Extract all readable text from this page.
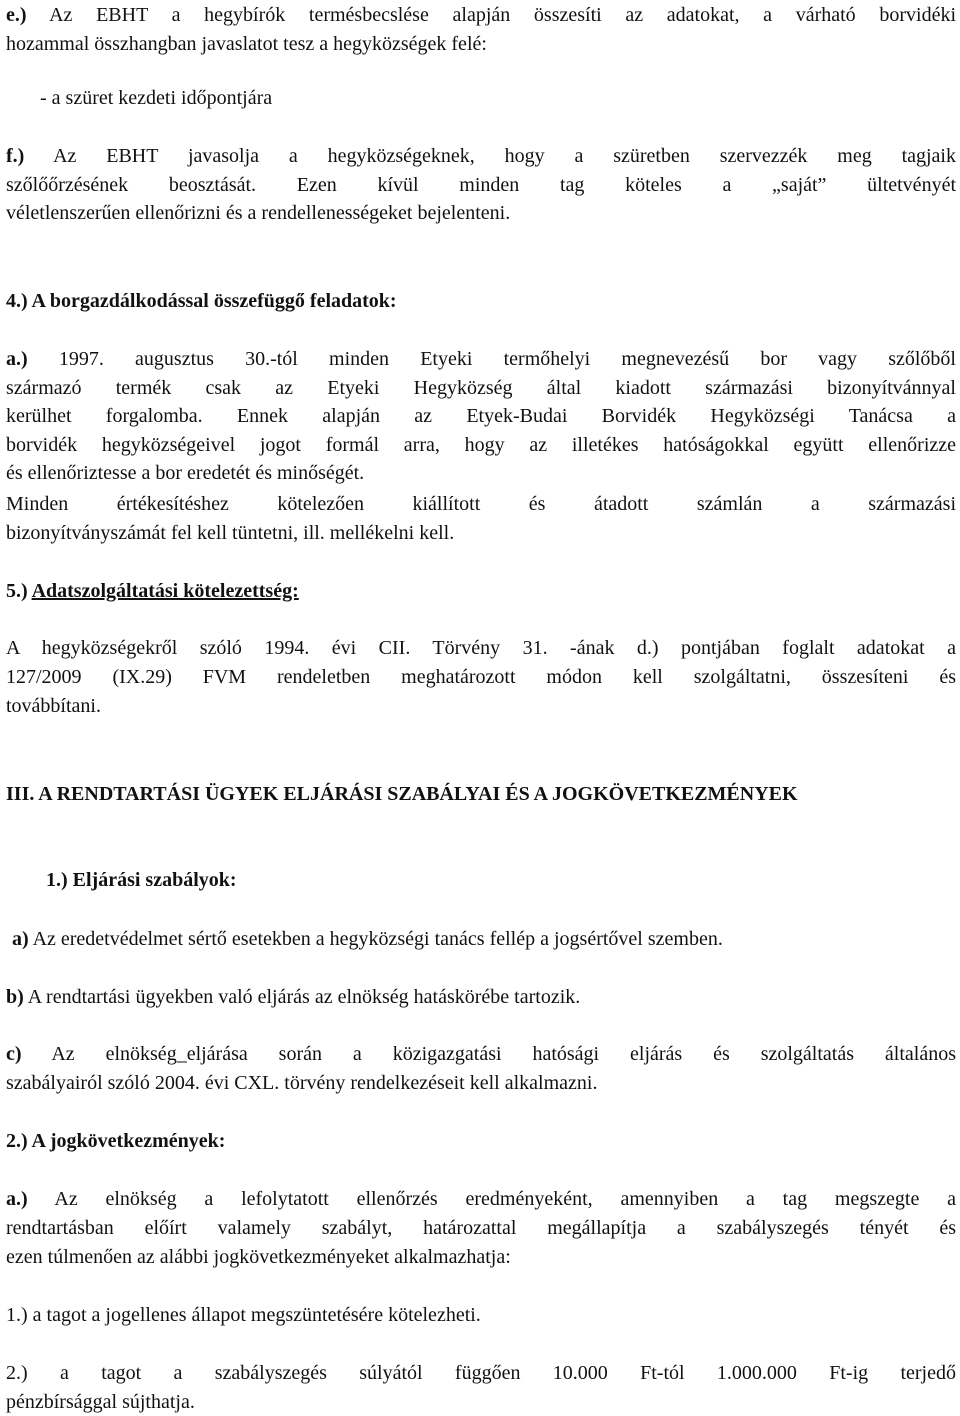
e.) Az EBHT a hegybírók termésbecslése alapján összesíti az adatokat, a várható borvidéki
hozammal összhangban javaslatot tesz a hegyközségek felé:
- a szüret kezdeti időpontjára
f.) Az EBHT javasolja a hegyközségeknek, hogy a szüretben szervezzék meg tagjaik
szőlőőrzésének beosztását. Ezen kívül minden tag köteles a „saját” ültetvényét
véletlenszerűen ellenőrizni és a rendellenességeket bejelenteni.
4.) A borgazdálkodással összefüggő feladatok:
a.) 1997. augusztus 30.-tól minden Etyeki termőhelyi megnevezésű bor vagy szőlőből
származó termék csak az Etyeki Hegyközség által kiadott származási bizonyítvánnyal
kerülhet forgalomba. Ennek alapján az Etyek-Budai Borvidék Hegyközségi Tanácsa a
borvidék hegyközségeivel jogot formál arra, hogy az illetékes hatóságokkal együtt ellenőrizze
és ellenőriztesse a bor eredetét és minőségét.
Minden értékesítéshez kötelezően kiállított és átadott számlán a származási
bizonyítványszámát fel kell tüntetni, ill. mellékelni kell.
5.) Adatszolgáltatási kötelezettség:
A hegyközségekről szóló 1994. évi CII. Törvény 31. -ának d.) pontjában foglalt adatokat a
127/2009 (IX.29) FVM rendeletben meghatározott módon kell szolgáltatni, összesíteni és
továbbítani.
III. A RENDTARTÁSI ÜGYEK ELJÁRÁSI SZABÁLYAI ÉS A JOGKÖVETKEZMÉNYEK
1.) Eljárási szabályok:
a) Az eredetvédelmet sértő esetekben a hegyközségi tanács fellép a jogsértővel szemben.
b) A rendtartási ügyekben való eljárás az elnökség hatáskörébe tartozik.
c) Az elnökség_eljárása során a közigazgatási hatósági eljárás és szolgáltatás általános
szabályairól szóló 2004. évi CXL. törvény rendelkezéseit kell alkalmazni.
2.) A jogkövetkezmények:
a.) Az elnökség a lefolytatott ellenőrzés eredményeként, amennyiben a tag megszegte a
rendtartásban előírt valamely szabályt, határozattal megállapítja a szabályszegés tényét és
ezen túlmenően az alábbi jogkövetkezményeket alkalmazhatja:
1.) a tagot a jogellenes állapot megszüntetésére kötelezheti.
2.) a tagot a szabályszegés súlyától függően 10.000 Ft-tól 1.000.000 Ft-ig terjedő
pénzbírsággal sújthatja.
